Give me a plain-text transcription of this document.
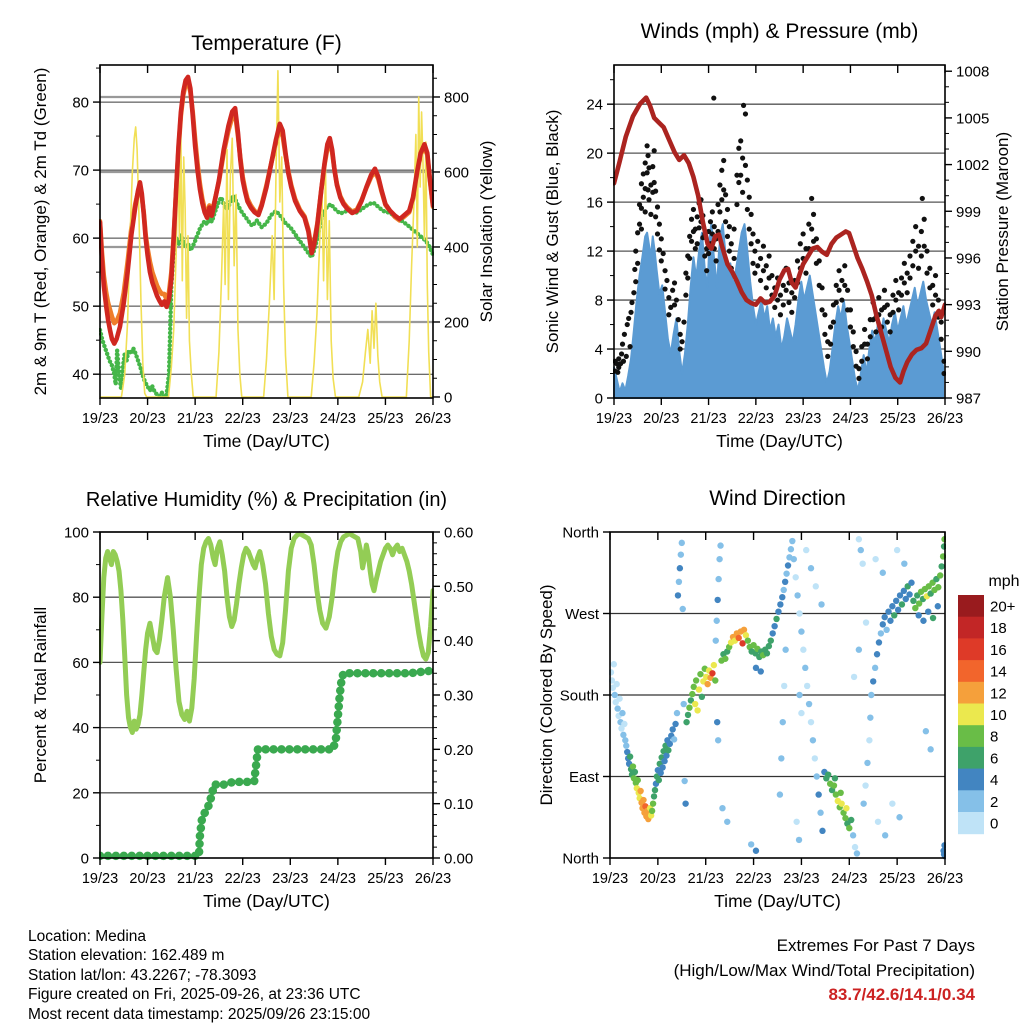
19/23 20/23 21/23 22/23 23/23 24/23 25/23 26/23
Time (Day/UTC)
40
50
60
70
80
0
200
400
600
800
2m & 9m T (Red, Orange) & 2m Td (Green)	Solar Insolation (Yellow)
Temperature (F)
19/23 20/23 21/23 22/23 23/23 24/23 25/23 26/23
Time (Day/UTC)
0
4
8
12
16
20
24
987
990
993
996
999
1002
1005
1008
Sonic Wind & Gust (Blue, Black)	Station Pressure (Maroon)
Winds (mph) & Pressure (mb)
19/23 20/23 21/23 22/23 23/23 24/23 25/23 26/23
Time (Day/UTC)
0
20
40
60
80
100
0.00
0.10
0.20
0.30
0.40
0.50
0.60
Percent & Total Rainfall
Relative Humidity (%) & Precipitation (in)
19/23 20/23 21/23 22/23 23/23 24/23 25/23 26/23
Time (Day/UTC)
North
East
South
West
North
Direction (Colored By Speed)
Wind Direction
20+
18
16
14
12
10
8
6
4
2
0
mph
Location: Medina
Station elevation: 162.489 m
Station lat/lon: 43.2267; -78.3093
Figure created on Fri, 2025-09-26, at 23:36 UTC
Most recent data timestamp: 2025/09/26 23:15:00
Extremes For Past 7 Days
(High/Low/Max Wind/Total Precipitation)
83.7/42.6/14.1/0.34
